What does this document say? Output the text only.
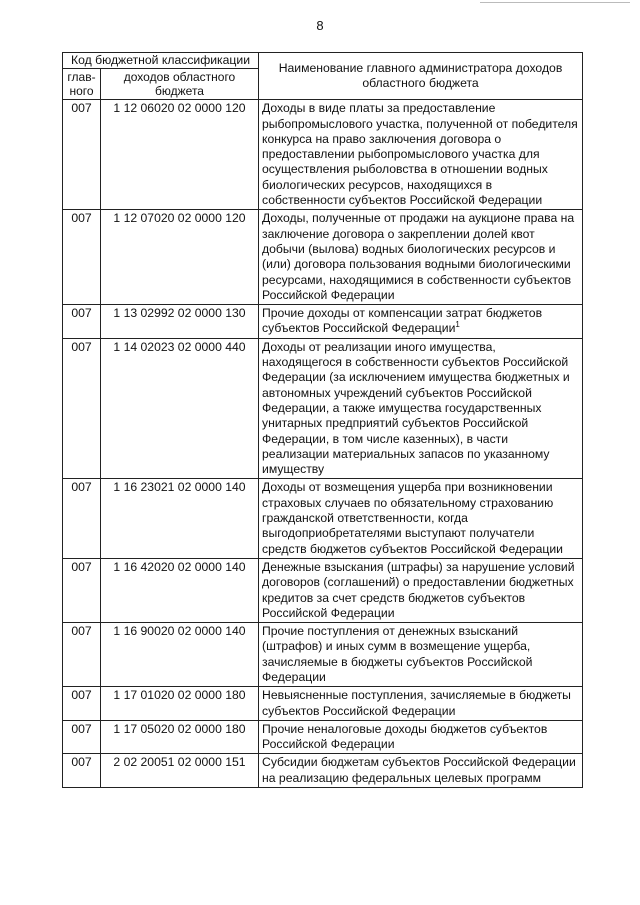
8
Код бюджетной классификации		Наименование главного администратора доходов областного бюджета
глав-ного	доходов областного бюджета	
007	1 12 06020 02 0000 120	Доходы в виде платы за предоставление рыбопромыслового участка, полученной от победителя конкурса на право заключения договора о предоставлении рыбопромыслового участка для осуществления рыболовства в отношении водных биологических ресурсов, находящихся в собственности субъектов Российской Федерации
007	1 12 07020 02 0000 120	Доходы, полученные от продажи на аукционе права на заключение договора о закреплении долей квот добычи (вылова) водных биологических ресурсов и (или) договора пользования водными биологическими ресурсами, находящимися в собственности субъектов Российской Федерации
007	1 13 02992 02 0000 130	Прочие доходы от компенсации затрат бюджетов субъектов Российской Федерации$^1$
007	1 14 02023 02 0000 440	Доходы от реализации иного имущества, находящегося в собственности субъектов Российской Федерации (за исключением имущества бюджетных и автономных учреждений субъектов Российской Федерации, а также имущества государственных унитарных предприятий субъектов Российской Федерации, в том числе казенных), в части реализации материальных запасов по указанному имуществу
007	1 16 23021 02 0000 140	Доходы от возмещения ущерба при возникновении страховых случаев по обязательному страхованию гражданской ответственности, когда выгодоприобретателями выступают получатели средств бюджетов субъектов Российской Федерации
007	1 16 42020 02 0000 140	Денежные взыскания (штрафы) за нарушение условий договоров (соглашений) о предоставлении бюджетных кредитов за счет средств бюджетов субъектов Российской Федерации
007	1 16 90020 02 0000 140	Прочие поступления от денежных взысканий (штрафов) и иных сумм в возмещение ущерба, зачисляемые в бюджеты субъектов Российской Федерации
007	1 17 01020 02 0000 180	Невыясненные поступления, зачисляемые в бюджеты субъектов Российской Федерации
007	1 17 05020 02 0000 180	Прочие неналоговые доходы бюджетов субъектов Российской Федерации
007	2 02 20051 02 0000 151	Субсидии бюджетам субъектов Российской Федерации на реализацию федеральных целевых программ
